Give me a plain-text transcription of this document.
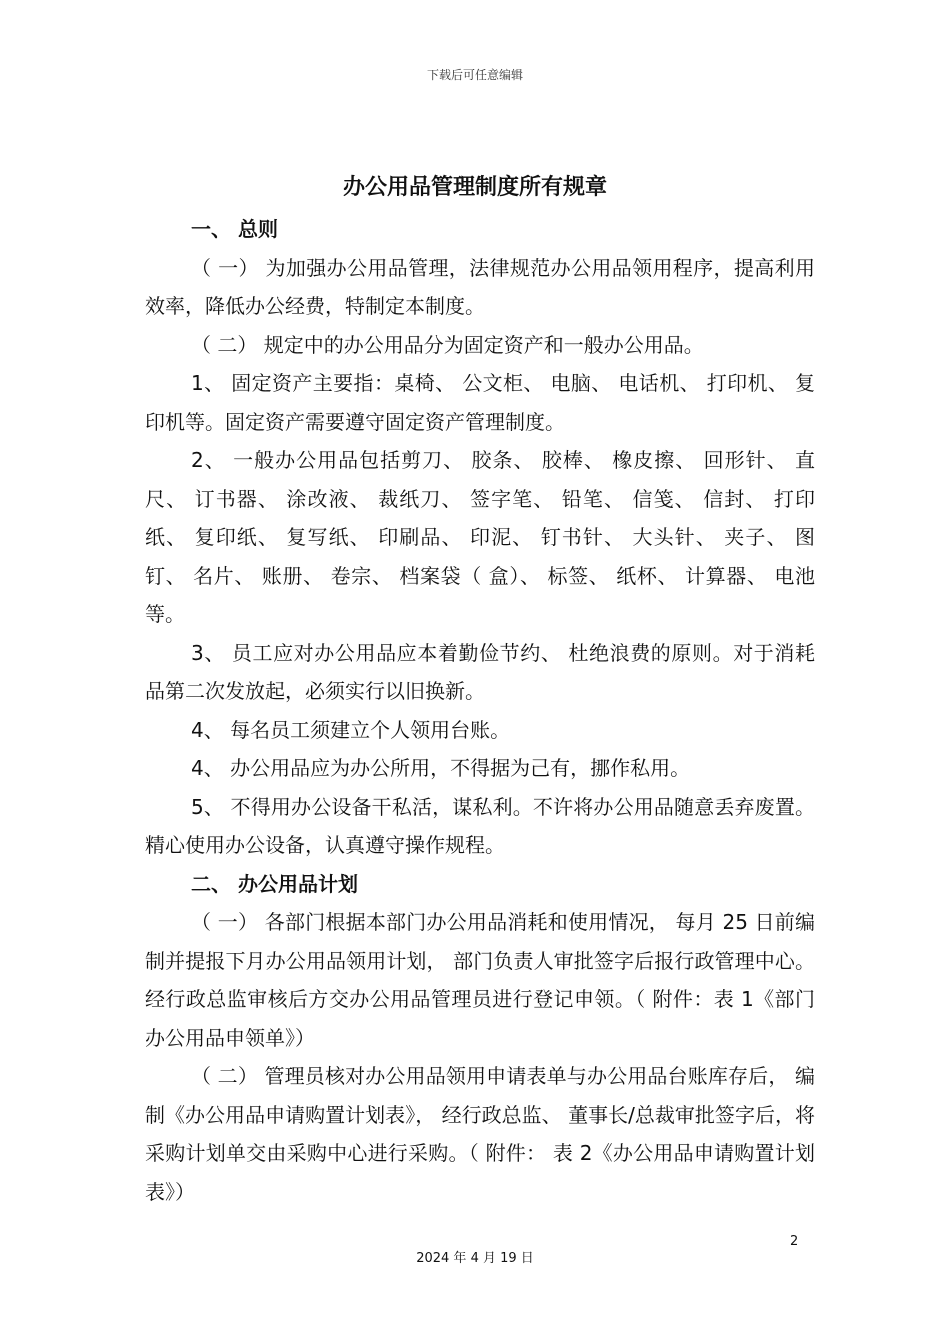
下载后可任意编辑
办公用品管理制度所有规章

一、 总则

（ 一） 为加强办公用品管理，法律规范办公用品领用程序，提高利用效率，降低办公经费，特制定本制度。

（ 二） 规定中的办公用品分为固定资产和一般办公用品。

1、 固定资产主要指：桌椅、 公文柜、 电脑、 电话机、 打印机、 复印机等。固定资产需要遵守固定资产管理制度。

2、 一般办公用品包括剪刀、 胶条、 胶棒、 橡皮擦、 回形针、 直尺、 订书器、 涂改液、 裁纸刀、 签字笔、 铅笔、 信笺、 信封、 打印纸、 复印纸、 复写纸、 印刷品、 印泥、 钉书针、 大头针、 夹子、 图钉、 名片、 账册、 卷宗、 档案袋（ 盒）、 标签、 纸杯、 计算器、 电池等。

3、 员工应对办公用品应本着勤俭节约、 杜绝浪费的原则。对于消耗品第二次发放起，必须实行以旧换新。

4、 每名员工须建立个人领用台账。

4、 办公用品应为办公所用，不得据为己有，挪作私用。

5、 不得用办公设备干私活，谋私利。不许将办公用品随意丢弃废置。精心使用办公设备，认真遵守操作规程。

二、 办公用品计划

（ 一） 各部门根据本部门办公用品消耗和使用情况， 每月 25 日前编制并提报下月办公用品领用计划， 部门负责人审批签字后报行政管理中心。经行政总监审核后方交办公用品管理员进行登记申领。（ 附件：表 1《部门办公用品申领单》）

（ 二） 管理员核对办公用品领用申请表单与办公用品台账库存后， 编制《办公用品申请购置计划表》， 经行政总监、 董事长/总裁审批签字后，将采购计划单交由采购中心进行采购。（ 附件： 表 2《办公用品申请购置计划表》）

2
2024 年 4 月 19 日
